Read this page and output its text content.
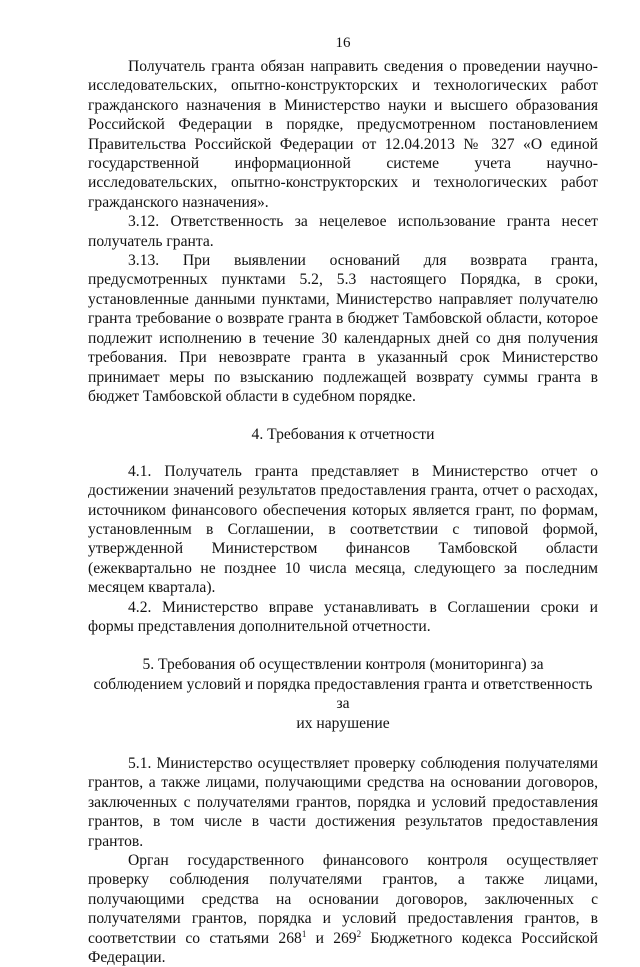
16

Получатель гранта обязан направить сведения о проведении научно-исследовательских, опытно-конструкторских и технологических работ гражданского назначения в Министерство науки и высшего образования Российской Федерации в порядке, предусмотренном постановлением Правительства Российской Федерации от 12.04.2013 № 327 «О единой государственной информационной системе учета научно-исследовательских, опытно-конструкторских и технологических работ гражданского назначения».

3.12. Ответственность за нецелевое использование гранта несет получатель гранта.

3.13. При выявлении оснований для возврата гранта, предусмотренных пунктами 5.2, 5.3 настоящего Порядка, в сроки, установленные данными пунктами, Министерство направляет получателю гранта требование о возврате гранта в бюджет Тамбовской области, которое подлежит исполнению в течение 30 календарных дней со дня получения требования. При невозврате гранта в указанный срок Министерство принимает меры по взысканию подлежащей возврату суммы гранта в бюджет Тамбовской области в судебном порядке.

4. Требования к отчетности

4.1. Получатель гранта представляет в Министерство отчет о достижении значений результатов предоставления гранта, отчет о расходах, источником финансового обеспечения которых является грант, по формам, установленным в Соглашении, в соответствии с типовой формой, утвержденной Министерством финансов Тамбовской области (ежеквартально не позднее 10 числа месяца, следующего за последним месяцем квартала).

4.2. Министерство вправе устанавливать в Соглашении сроки и формы представления дополнительной отчетности.

5. Требования об осуществлении контроля (мониторинга) за
соблюдением условий и порядка предоставления гранта и ответственность за
их нарушение

5.1. Министерство осуществляет проверку соблюдения получателями грантов, а также лицами, получающими средства на основании договоров, заключенных с получателями грантов, порядка и условий предоставления грантов, в том числе в части достижения результатов предоставления грантов.

Орган государственного финансового контроля осуществляет проверку соблюдения получателями грантов, а также лицами, получающими средства на основании договоров, заключенных с получателями грантов, порядка и условий предоставления грантов, в соответствии со статьями $268^1$ и $269^2$ Бюджетного кодекса Российской Федерации.
